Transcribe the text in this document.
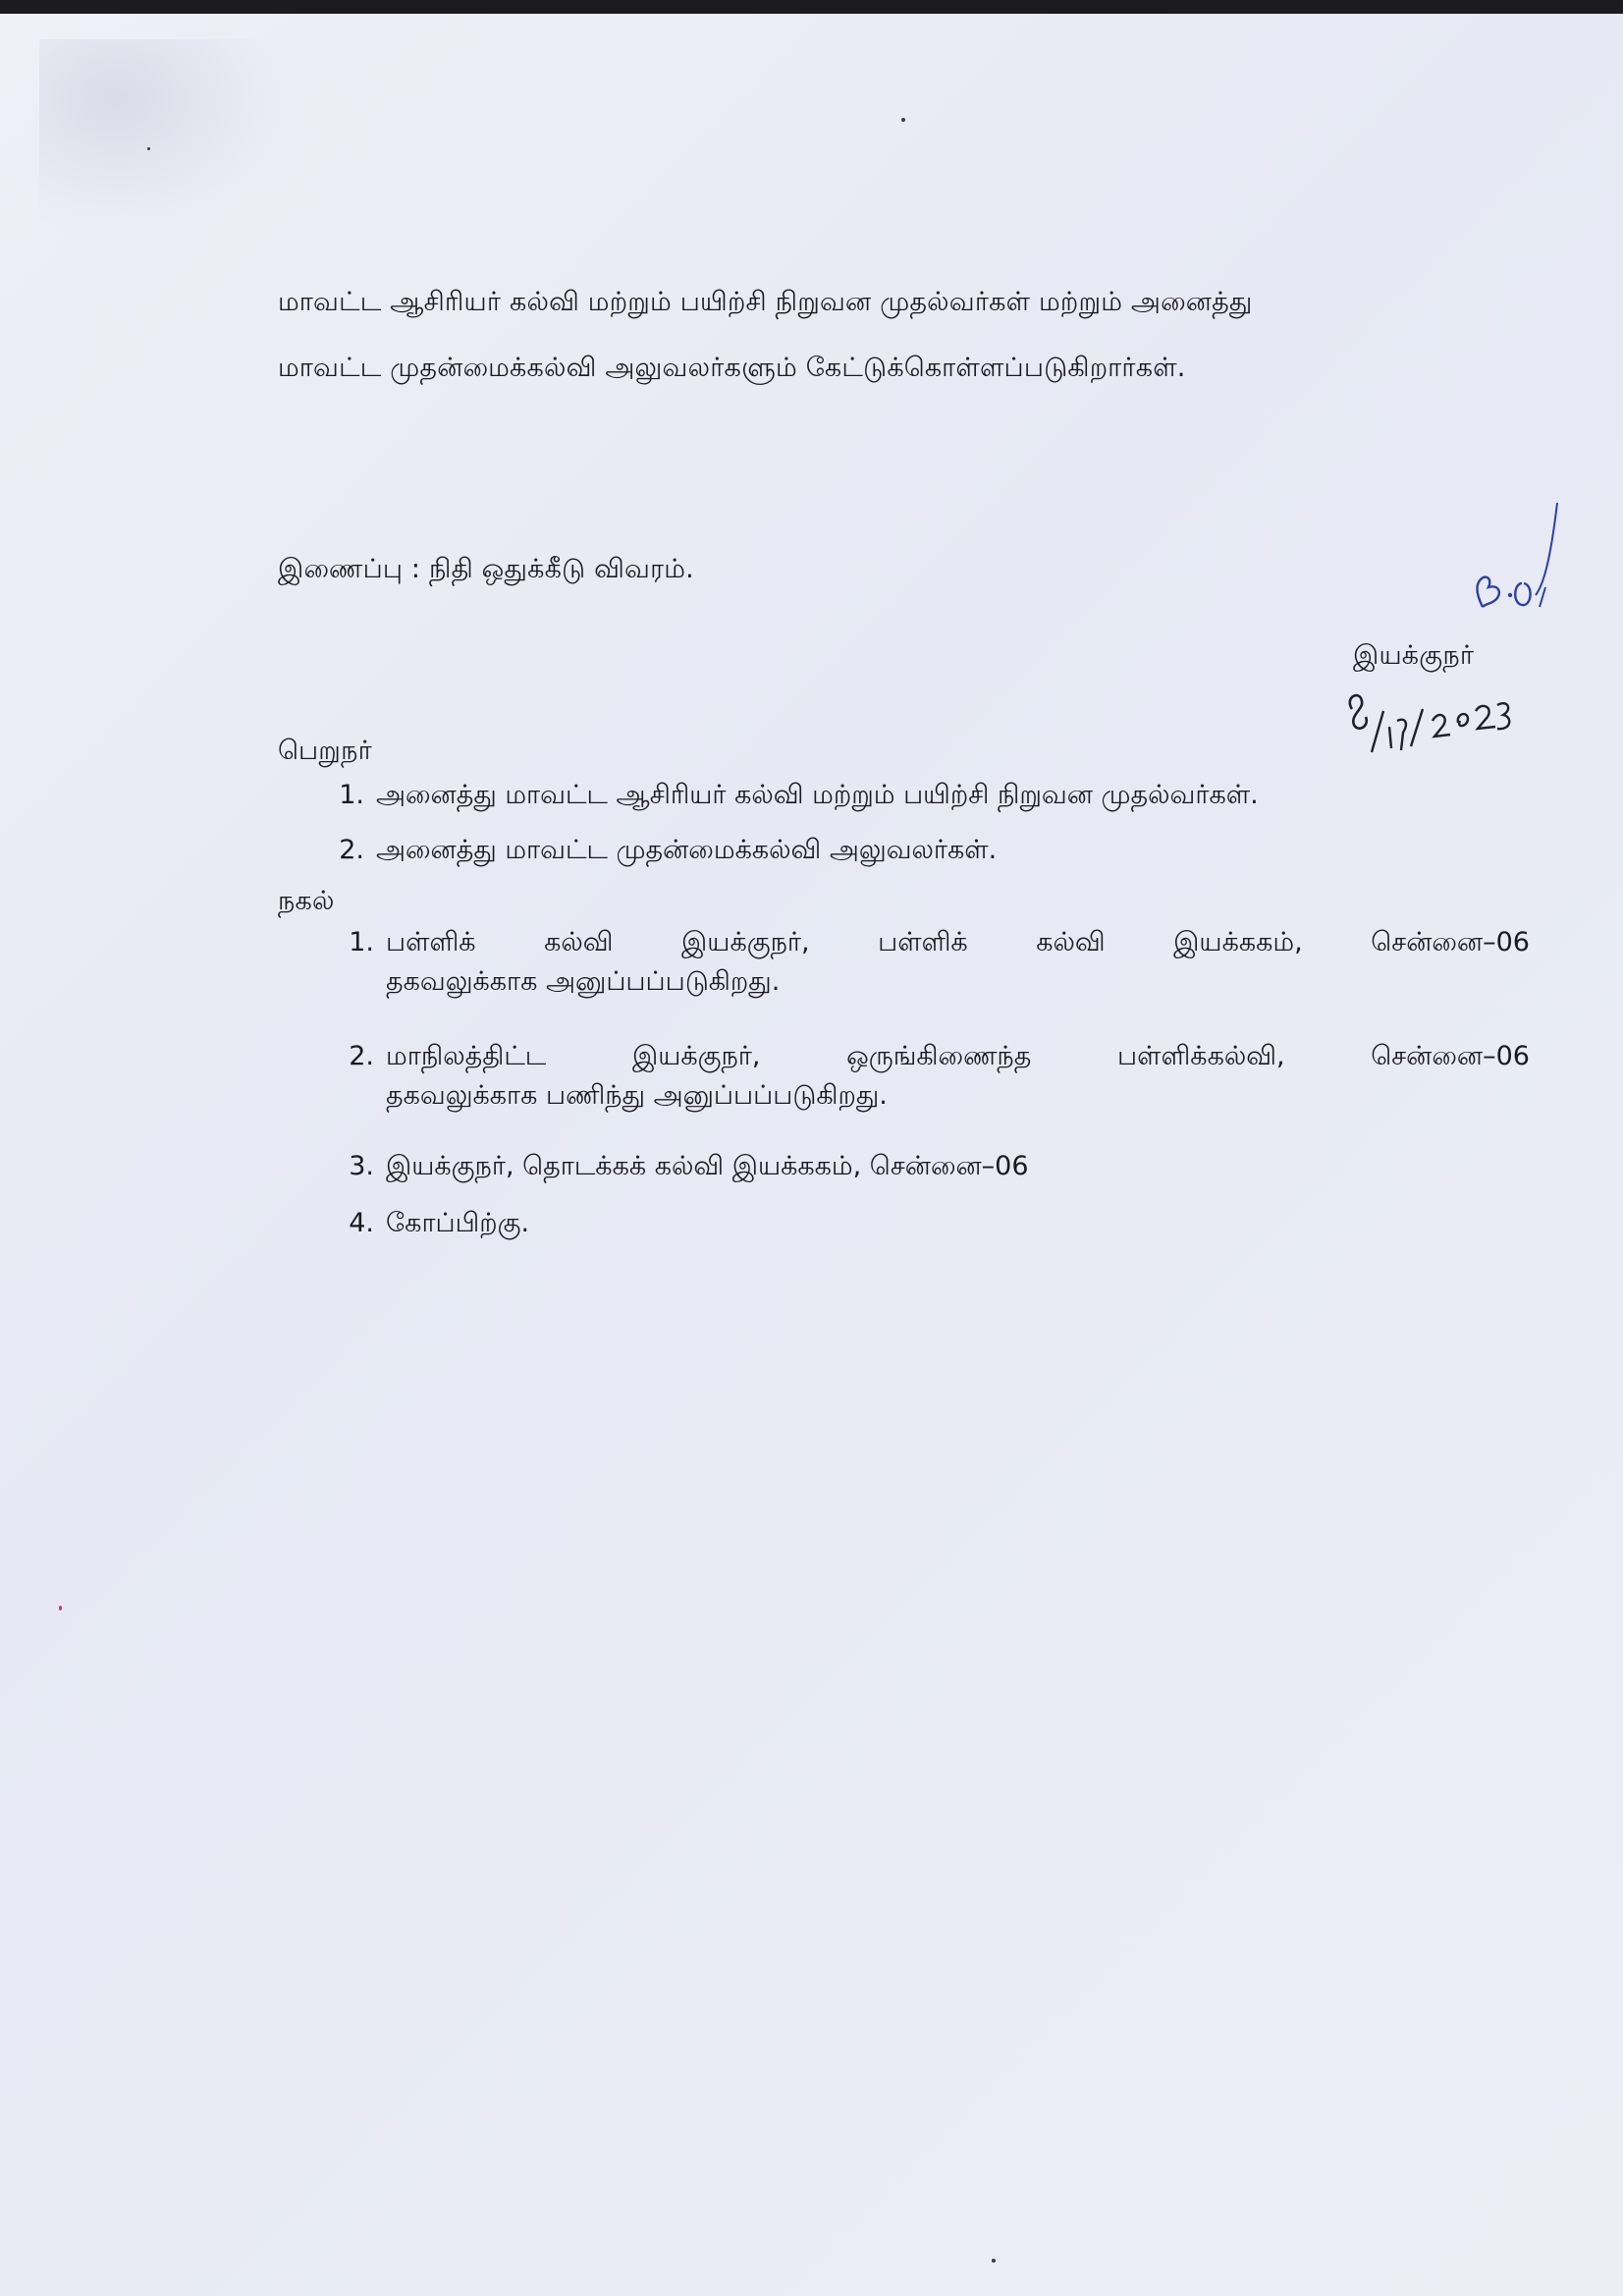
மாவட்ட ஆசிரியர் கல்வி மற்றும் பயிற்சி நிறுவன முதல்வர்கள் மற்றும் அனைத்து
மாவட்ட முதன்மைக்கல்வி அலுவலர்களும் கேட்டுக்கொள்ளப்படுகிறார்கள்.
இணைப்பு : நிதி ஒதுக்கீடு விவரம்.
இயக்குநர்
பெறுநர்
1. அனைத்து மாவட்ட ஆசிரியர் கல்வி மற்றும் பயிற்சி நிறுவன முதல்வர்கள்.
2. அனைத்து மாவட்ட முதன்மைக்கல்வி அலுவலர்கள்.
நகல்
1. பள்ளிக்	கல்வி	இயக்குநர்,	பள்ளிக்	கல்வி	இயக்ககம்,	சென்னை–06
தகவலுக்காக அனுப்பப்படுகிறது.
2. மாநிலத்திட்ட	இயக்குநர்,	ஒருங்கிணைந்த	பள்ளிக்கல்வி,	சென்னை–06
தகவலுக்காக பணிந்து அனுப்பப்படுகிறது.
3. இயக்குநர், தொடக்கக் கல்வி இயக்ககம், சென்னை–06
4. கோப்பிற்கு.
